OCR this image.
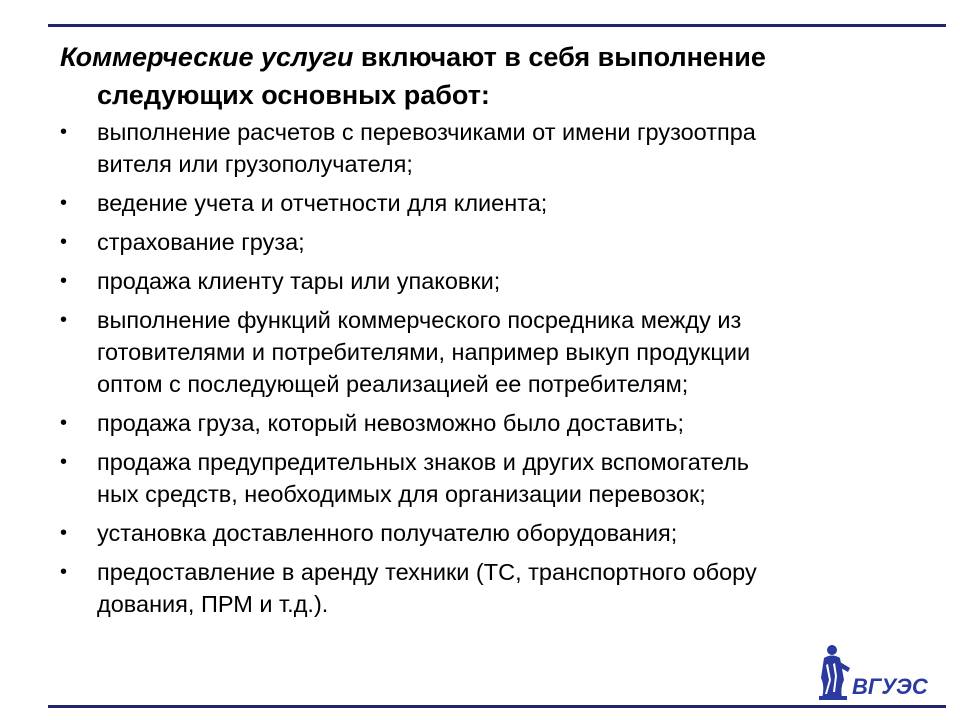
Коммерческие услуги включают в себя выполнение
следующих основных работ:
• выполнение расчетов с перевозчиками от имени грузоотпра
вителя или грузополучателя;
• ведение учета и отчетности для клиента;
• страхование груза;
• продажа клиенту тары или упаковки;
• выполнение функций коммерческого посредника между из
готовителями и потребителями, например выкуп продукции
оптом с последующей реализацией ее потребителям;
• продажа груза, который невозможно было доставить;
• продажа предупредительных знаков и других вспомогатель
ных средств, необходимых для организации перевозок;
• установка доставленного получателю оборудования;
• предоставление в аренду техники (ТС, транспортного обору
дования, ПРМ и т.д.).
ВГУЭС
